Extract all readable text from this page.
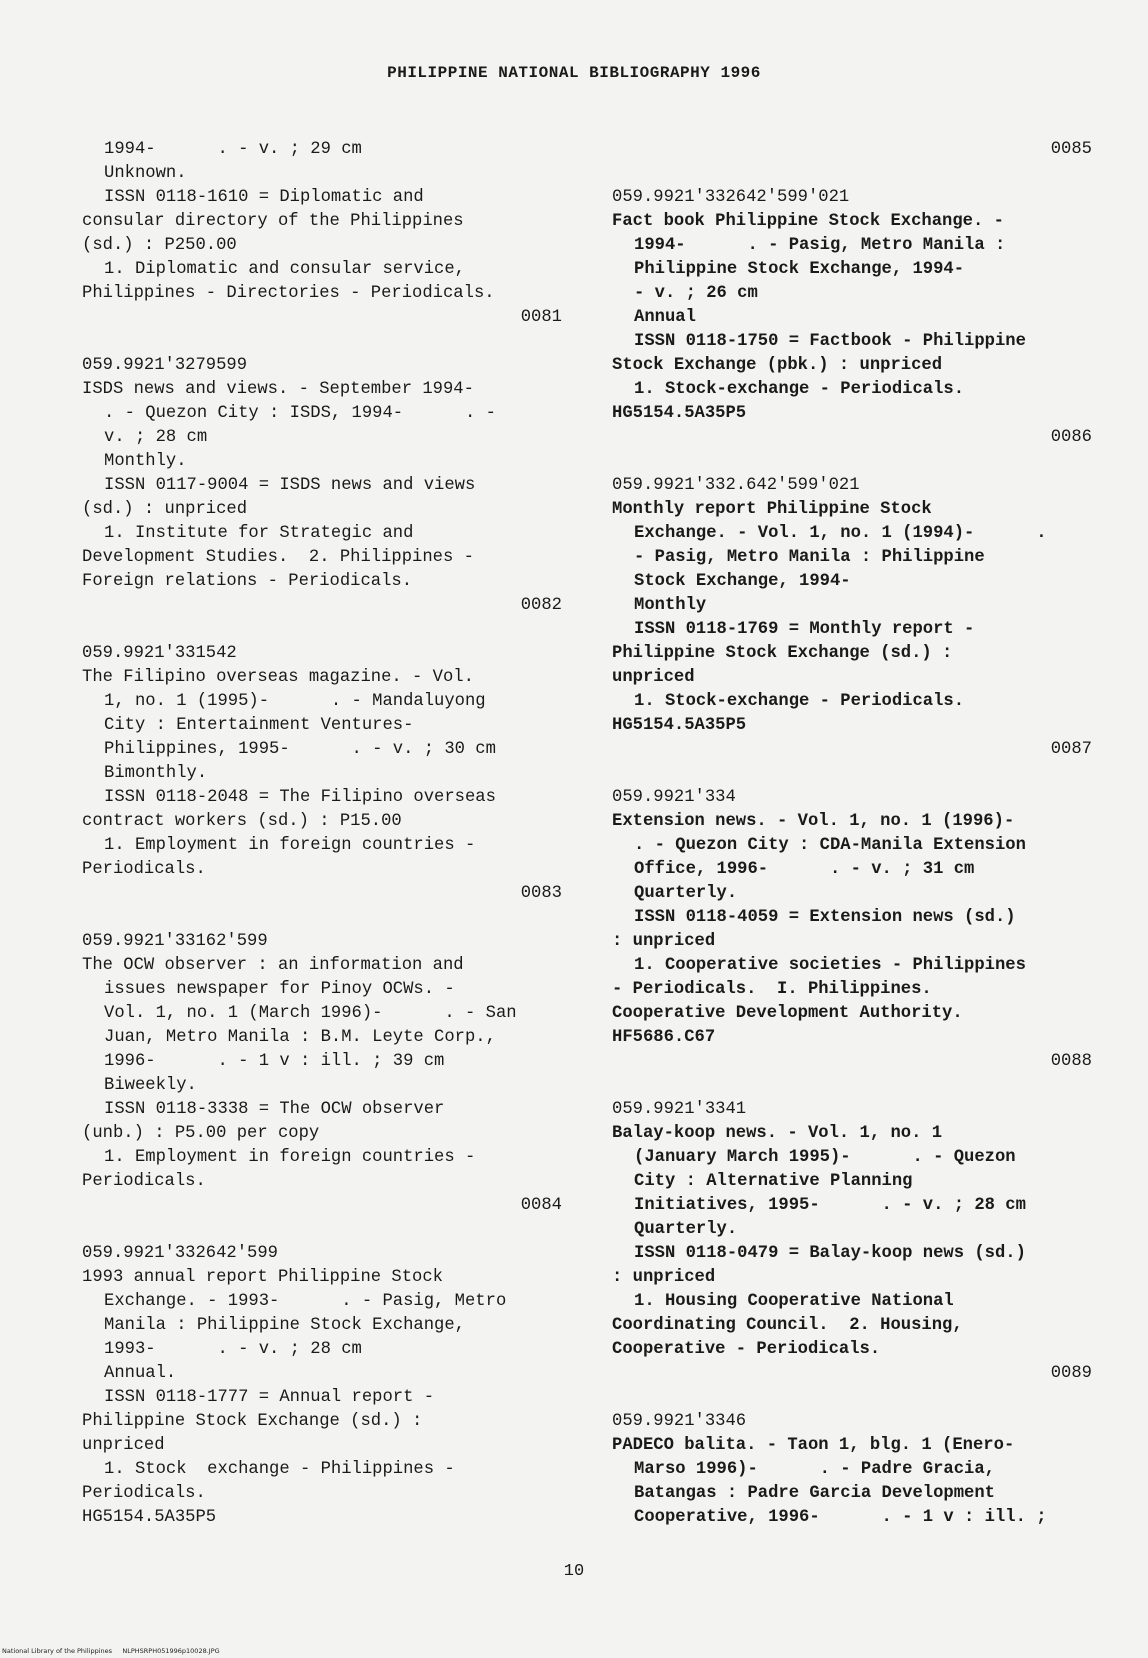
PHILIPPINE NATIONAL BIBLIOGRAPHY 1996
1994-      . - v. ; 29 cm
Unknown.
ISSN 0118-1610 = Diplomatic and
consular directory of the Philippines
(sd.) : P250.00
1. Diplomatic and consular service,
Philippines - Directories - Periodicals.
0081
059.9921'3279599
ISDS news and views. - September 1994-
. - Quezon City : ISDS, 1994-      . -
v. ; 28 cm
Monthly.
ISSN 0117-9004 = ISDS news and views
(sd.) : unpriced
1. Institute for Strategic and
Development Studies.  2. Philippines -
Foreign relations - Periodicals.
0082
059.9921'331542
The Filipino overseas magazine. - Vol.
1, no. 1 (1995)-      . - Mandaluyong
City : Entertainment Ventures-
Philippines, 1995-      . - v. ; 30 cm
Bimonthly.
ISSN 0118-2048 = The Filipino overseas
contract workers (sd.) : P15.00
1. Employment in foreign countries -
Periodicals.
0083
059.9921'33162'599
The OCW observer : an information and
issues newspaper for Pinoy OCWs. -
Vol. 1, no. 1 (March 1996)-      . - San
Juan, Metro Manila : B.M. Leyte Corp.,
1996-      . - 1 v : ill. ; 39 cm
Biweekly.
ISSN 0118-3338 = The OCW observer
(unb.) : P5.00 per copy
1. Employment in foreign countries -
Periodicals.
0084
059.9921'332642'599
1993 annual report Philippine Stock
Exchange. - 1993-      . - Pasig, Metro
Manila : Philippine Stock Exchange,
1993-      . - v. ; 28 cm
Annual.
ISSN 0118-1777 = Annual report -
Philippine Stock Exchange (sd.) :
unpriced
1. Stock  exchange - Philippines -
Periodicals.
HG5154.5A35P5
0085
059.9921'332642'599'021
Fact book Philippine Stock Exchange. -
1994-      . - Pasig, Metro Manila :
Philippine Stock Exchange, 1994-
- v. ; 26 cm
Annual
ISSN 0118-1750 = Factbook - Philippine
Stock Exchange (pbk.) : unpriced
1. Stock-exchange - Periodicals.
HG5154.5A35P5
0086
059.9921'332.642'599'021
Monthly report Philippine Stock
Exchange. - Vol. 1, no. 1 (1994)-      .
- Pasig, Metro Manila : Philippine
Stock Exchange, 1994-
Monthly
ISSN 0118-1769 = Monthly report -
Philippine Stock Exchange (sd.) :
unpriced
1. Stock-exchange - Periodicals.
HG5154.5A35P5
0087
059.9921'334
Extension news. - Vol. 1, no. 1 (1996)-
. - Quezon City : CDA-Manila Extension
Office, 1996-      . - v. ; 31 cm
Quarterly.
ISSN 0118-4059 = Extension news (sd.)
: unpriced
1. Cooperative societies - Philippines
- Periodicals.  I. Philippines.
Cooperative Development Authority.
HF5686.C67
0088
059.9921'3341
Balay-koop news. - Vol. 1, no. 1
(January March 1995)-      . - Quezon
City : Alternative Planning
Initiatives, 1995-      . - v. ; 28 cm
Quarterly.
ISSN 0118-0479 = Balay-koop news (sd.)
: unpriced
1. Housing Cooperative National
Coordinating Council.  2. Housing,
Cooperative - Periodicals.
0089
059.9921'3346
PADECO balita. - Taon 1, blg. 1 (Enero-
Marso 1996)-      . - Padre Gracia,
Batangas : Padre Garcia Development
Cooperative, 1996-      . - 1 v : ill. ;
10
National Library of the Philippines     NLPHSRPH051996p10028.JPG
